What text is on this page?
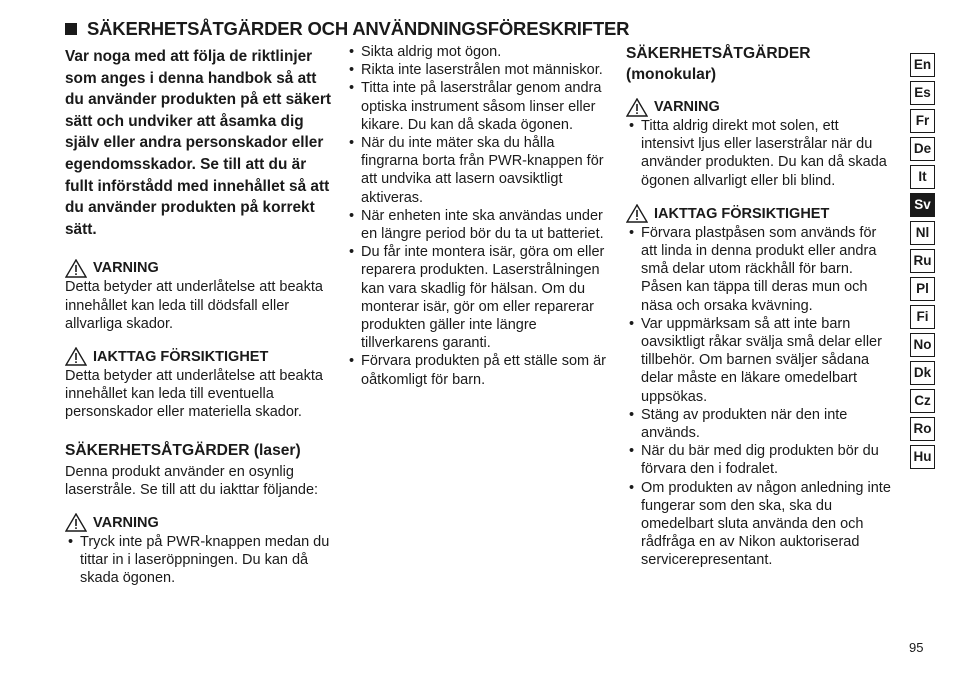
SÄKERHETSÅTGÄRDER OCH ANVÄNDNINGSFÖRESKRIFTER

Var noga med att följa de riktlinjer som anges i denna handbok så att du använder produkten på ett säkert sätt och undviker att åsamka dig själv eller andra personskador eller egendomsskador. Se till att du är fullt införstådd med innehållet så att du använder produkten på korrekt sätt.

VARNING

Detta betyder att underlåtelse att beakta innehållet kan leda till dödsfall eller allvarliga skador.

IAKTTAG FÖRSIKTIGHET

Detta betyder att underlåtelse att beakta innehållet kan leda till eventuella personskador eller materiella skador.

SÄKERHETSÅTGÄRDER (laser)

Denna produkt använder en osynlig laserstråle. Se till att du iakttar följande:

VARNING
• Tryck inte på PWR-knappen medan du tittar in i laseröppningen. Du kan då skada ögonen.
• Sikta aldrig mot ögon.
• Rikta inte laserstrålen mot människor.
• Titta inte på laserstrålar genom andra optiska instrument såsom linser eller kikare. Du kan då skada ögonen.
• När du inte mäter ska du hålla fingrarna borta från PWR-knappen för att undvika att lasern oavsiktligt aktiveras.
• När enheten inte ska användas under en längre period bör du ta ut batteriet.
• Du får inte montera isär, göra om eller reparera produkten. Laserstrålningen kan vara skadlig för hälsan. Om du monterar isär, gör om eller reparerar produkten gäller inte längre tillverkarens garanti.
• Förvara produkten på ett ställe som är oåtkomligt för barn.
SÄKERHETSÅTGÄRDER (monokular)
VARNING
• Titta aldrig direkt mot solen, ett intensivt ljus eller laserstrålar när du använder produkten. Du kan då skada ögonen allvarligt eller bli blind.
IAKTTAG FÖRSIKTIGHET
• Förvara plastpåsen som används för att linda in denna produkt eller andra små delar utom räckhåll för barn. Påsen kan täppa till deras mun och näsa och orsaka kvävning.
• Var uppmärksam så att inte barn oavsiktligt råkar svälja små delar eller tillbehör. Om barnen sväljer sådana delar måste en läkare omedelbart uppsökas.
• Stäng av produkten när den inte används.
• När du bär med dig produkten bör du förvara den i fodralet.
• Om produkten av någon anledning inte fungerar som den ska, ska du omedelbart sluta använda den och rådfråga en av Nikon auktoriserad servicerepresentant.
En
Es
Fr
De
It
Sv
Nl
Ru
Pl
Fi
No
Dk
Cz
Ro
Hu
95
